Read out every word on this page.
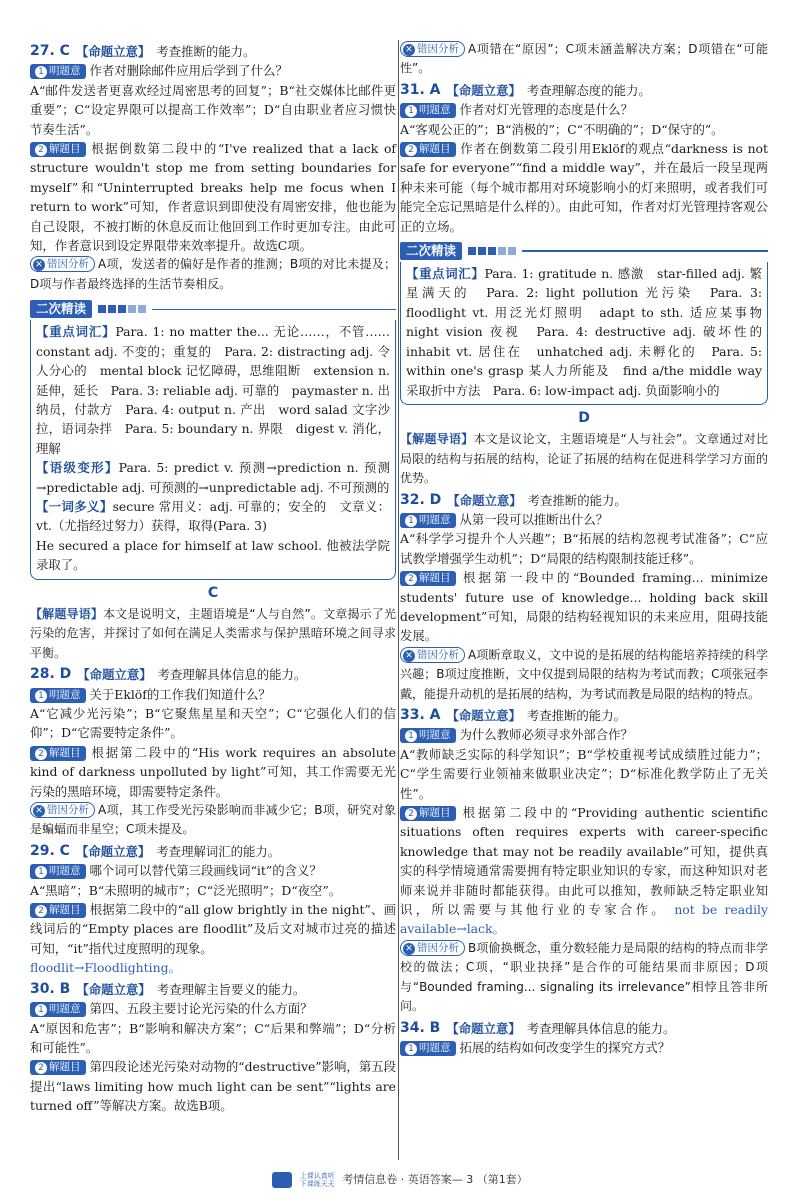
27. C 【命题立意】 考查推断的能力。

1 明题意 作者对删除邮件应用后学到了什么？

A“邮件发送者更喜欢经过周密思考的回复”；B“社交媒体比邮件更重要”；C“设定界限可以提高工作效率”；D“自由职业者应习惯快节奏生活”。

2 解题目 根据倒数第二段中的“I've realized that a lack of structure wouldn't stop me from setting boundaries for myself”和“Uninterrupted breaks help me focus when I return to work”可知，作者意识到即使没有周密安排，他也能为自己设限，不被打断的休息反而让他回到工作时更加专注。由此可知，作者意识到设定界限带来效率提升。故选C项。

✕ 错因分析 A项，发送者的偏好是作者的推测；B项的对比未提及；D项与作者最终选择的生活节奏相反。

二次精读

【重点词汇】Para. 1: no matter the... 无论……，不管…… constant adj. 不变的；重复的　Para. 2: distracting adj. 令人分心的　mental block 记忆障碍，思维阻断　extension n. 延伸，延长　Para. 3: reliable adj. 可靠的　paymaster n. 出纳员，付款方　Para. 4: output n. 产出　word salad 文字沙拉，语词杂拌　Para. 5: boundary n. 界限　digest v. 消化，理解

【语级变形】Para. 5: predict v. 预测→prediction n. 预测→predictable adj. 可预测的→unpredictable adj. 不可预测的

【一词多义】secure 常用义：adj. 可靠的；安全的　文章义：vt.（尤指经过努力）获得，取得(Para. 3)

He secured a place for himself at law school. 他被法学院录取了。

C

【解题导语】本文是说明文，主题语境是“人与自然”。文章揭示了光污染的危害，并探讨了如何在满足人类需求与保护黑暗环境之间寻求平衡。

28. D 【命题立意】 考查理解具体信息的能力。

1 明题意 关于Eklöf的工作我们知道什么？

A“它减少光污染”；B“它聚焦星星和天空”；C“它强化人们的信仰”；D“它需要特定条件”。

2 解题目 根据第二段中的“His work requires an absolute kind of darkness unpolluted by light”可知，其工作需要无光污染的黑暗环境，即需要特定条件。

✕ 错因分析 A项，其工作受光污染影响而非减少它；B项，研究对象是蝙蝠而非星空；C项未提及。

29. C 【命题立意】 考查理解词汇的能力。

1 明题意 哪个词可以替代第三段画线词“it”的含义？

A“黑暗”；B“未照明的城市”；C“泛光照明”；D“夜空”。

2 解题目 根据第二段中的“all glow brightly in the night”、画线词后的“Empty places are floodlit”及后文对城市过亮的描述可知，“it”指代过度照明的现象。

floodlit→Floodlighting。

30. B 【命题立意】 考查理解主旨要义的能力。

1 明题意 第四、五段主要讨论光污染的什么方面？

A“原因和危害”；B“影响和解决方案”；C“后果和弊端”；D“分析和可能性”。

2 解题目 第四段论述光污染对动物的“destructive”影响，第五段提出“laws limiting how much light can be sent”“lights are turned off”等解决方案。故选B项。

✕ 错因分析 A项错在“原因”；C项未涵盖解决方案；D项错在“可能性”。

31. A 【命题立意】 考查理解态度的能力。

1 明题意 作者对灯光管理的态度是什么？

A“客观公正的”；B“消极的”；C“不明确的”；D“保守的”。

2 解题目 作者在倒数第二段引用Eklöf的观点“darkness is not safe for everyone”“find a middle way”，并在最后一段呈现两种未来可能（每个城市都用对环境影响小的灯来照明，或者我们可能完全忘记黑暗是什么样的）。由此可知，作者对灯光管理持客观公正的立场。

二次精读

【重点词汇】Para. 1: gratitude n. 感激　star-filled adj. 繁星满天的　Para. 2: light pollution 光污染　Para. 3: floodlight vt. 用泛光灯照明　adapt to sth. 适应某事物　night vision 夜视　Para. 4: destructive adj. 破坏性的　inhabit vt. 居住在　unhatched adj. 未孵化的　Para. 5: within one's grasp 某人力所能及　find a/the middle way 采取折中方法　Para. 6: low-impact adj. 负面影响小的

D

【解题导语】本文是议论文，主题语境是“人与社会”。文章通过对比局限的结构与拓展的结构，论证了拓展的结构在促进科学学习方面的优势。

32. D 【命题立意】 考查推断的能力。

1 明题意 从第一段可以推断出什么？

A“科学学习提升个人兴趣”；B“拓展的结构忽视考试准备”；C“应试教学增强学生动机”；D“局限的结构限制技能迁移”。

2 解题目 根据第一段中的“Bounded framing... minimize students' future use of knowledge... holding back skill development”可知，局限的结构轻视知识的未来应用，阻碍技能发展。

✕ 错因分析 A项断章取义，文中说的是拓展的结构能培养持续的科学兴趣；B项过度推断，文中仅提到局限的结构为考试而教；C项张冠李戴，能提升动机的是拓展的结构，为考试而教是局限的结构的特点。

33. A 【命题立意】 考查推断的能力。

1 明题意 为什么教师必须寻求外部合作？

A“教师缺乏实际的科学知识”；B“学校重视考试成绩胜过能力”；C“学生需要行业领袖来做职业决定”；D“标准化教学防止了无关性”。

2 解题目 根据第二段中的“Providing authentic scientific situations often requires experts with career-specific knowledge that may not be readily available”可知，提供真实的科学情境通常需要拥有特定职业知识的专家，而这种知识对老师来说并非随时都能获得。由此可以推知，教师缺乏特定职业知识，所以需要与其他行业的专家合作。 not be readily available→lack。

✕ 错因分析 B项偷换概念，重分数轻能力是局限的结构的特点而非学校的做法；C项，“职业抉择”是合作的可能结果而非原因；D项与“Bounded framing... signaling its irrelevance”相悖且答非所问。

34. B 【命题立意】 考查理解具体信息的能力。

1 明题意 拓展的结构如何改变学生的探究方式？

上课认真听
下课练天天 考情信息卷 · 英语答案— 3 （第1套）
